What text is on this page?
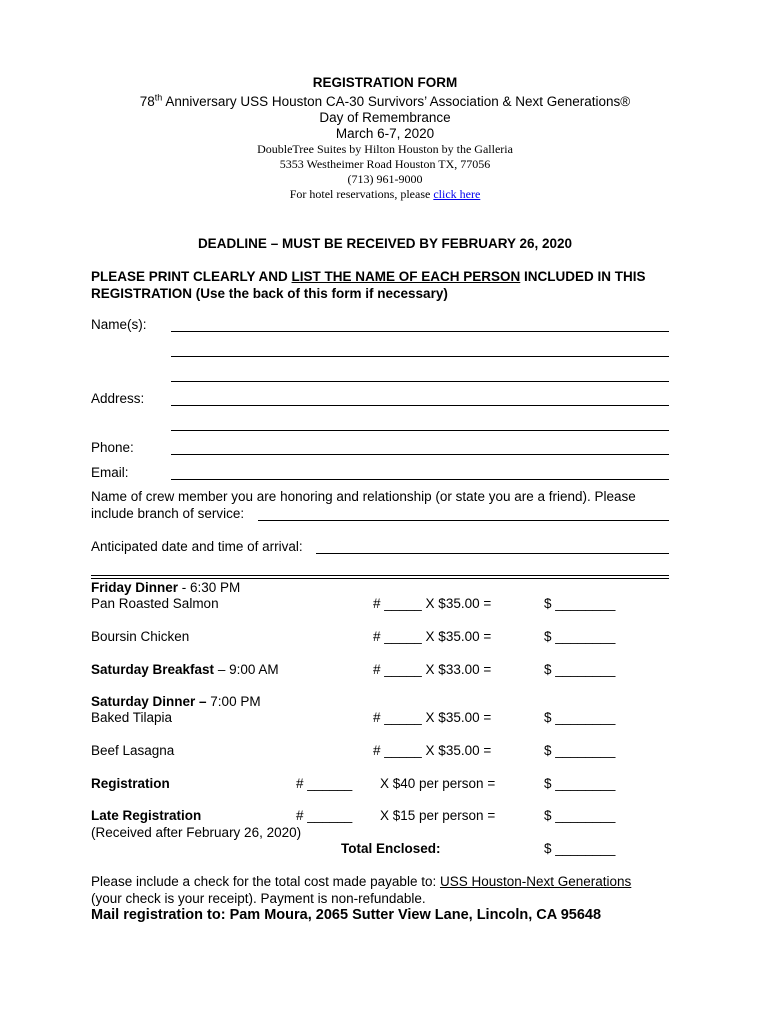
REGISTRATION FORM
78th Anniversary USS Houston CA-30 Survivors’ Association & Next Generations®
Day of Remembrance
March 6-7, 2020
DoubleTree Suites by Hilton Houston by the Galleria
5353 Westheimer Road Houston TX, 77056
(713) 961-9000
For hotel reservations, please click here
DEADLINE – MUST BE RECEIVED BY FEBRUARY 26, 2020
PLEASE PRINT CLEARLY AND LIST THE NAME OF EACH PERSON INCLUDED IN THIS
REGISTRATION (Use the back of this form if necessary)
Name(s):
Address:
Phone:
Email:
Name of crew member you are honoring and relationship (or state you are a friend). Please
include branch of service:
Anticipated date and time of arrival:
Friday Dinner - 6:30 PM
Pan Roasted Salmon	# _____ X $35.00 =	$ ________
Boursin Chicken	# _____ X $35.00 =	$ ________
Saturday Breakfast – 9:00 AM	# _____ X $33.00 =	$ ________
Saturday Dinner – 7:00 PM
Baked Tilapia	# _____ X $35.00 =	$ ________
Beef Lasagna	# _____ X $35.00 =	$ ________
Registration	# ______ X $40 per person =	$ ________
Late Registration	# ______ X $15 per person =	$ ________
(Received after February 26, 2020)
Total Enclosed:	$ ________
Please include a check for the total cost made payable to: USS Houston-Next Generations
(your check is your receipt). Payment is non-refundable.
Mail registration to: Pam Moura, 2065 Sutter View Lane, Lincoln, CA 95648
